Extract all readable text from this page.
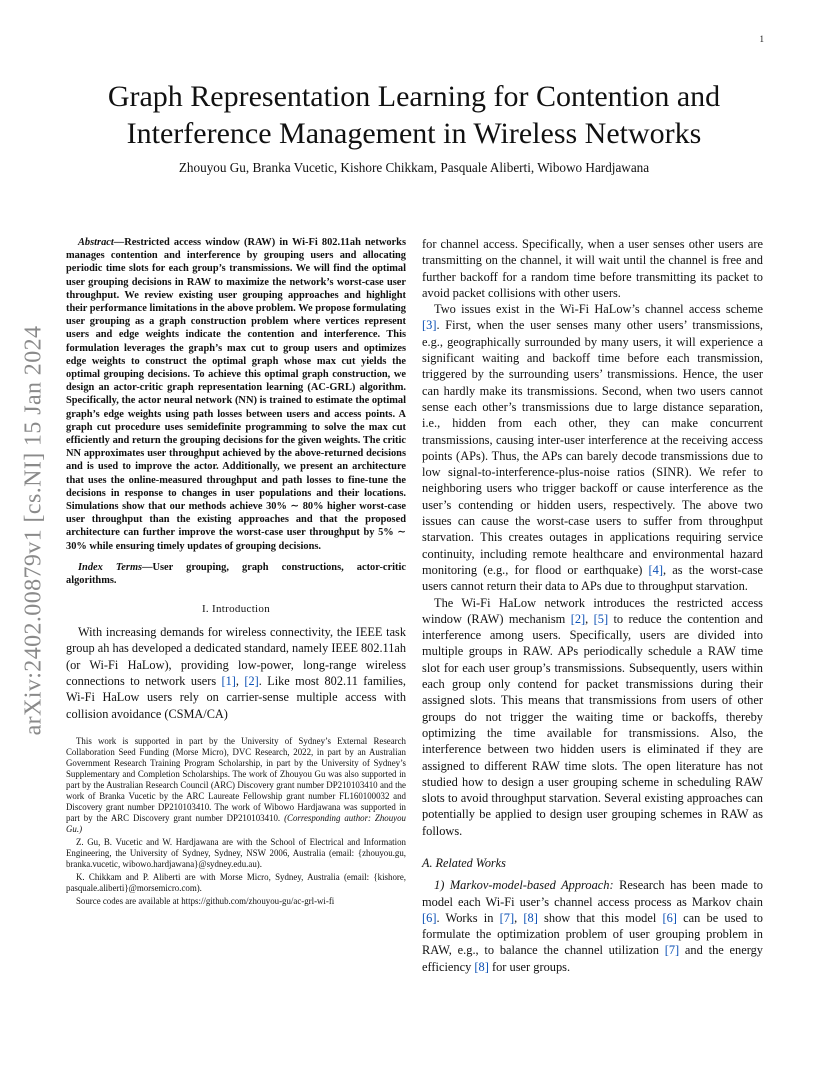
1
arXiv:2402.00879v1 [cs.NI] 15 Jan 2024
Graph Representation Learning for Contention and Interference Management in Wireless Networks

Zhouyou Gu, Branka Vucetic, Kishore Chikkam, Pasquale Aliberti, Wibowo Hardjawana

Abstract—Restricted access window (RAW) in Wi-Fi 802.11ah networks manages contention and interference by grouping users and allocating periodic time slots for each group’s transmissions. We will find the optimal user grouping decisions in RAW to maximize the network’s worst-case user throughput. We review existing user grouping approaches and highlight their performance limitations in the above problem. We propose formulating user grouping as a graph construction problem where vertices represent users and edge weights indicate the contention and interference. This formulation leverages the graph’s max cut to group users and optimizes edge weights to construct the optimal graph whose max cut yields the optimal grouping decisions. To achieve this optimal graph construction, we design an actor-critic graph representation learning (AC-GRL) algorithm. Specifically, the actor neural network (NN) is trained to estimate the optimal graph’s edge weights using path losses between users and access points. A graph cut procedure uses semidefinite programming to solve the max cut efficiently and return the grouping decisions for the given weights. The critic NN approximates user throughput achieved by the above-returned decisions and is used to improve the actor. Additionally, we present an architecture that uses the online-measured throughput and path losses to fine-tune the decisions in response to changes in user populations and their locations. Simulations show that our methods achieve 30% ∼ 80% higher worst-case user throughput than the existing approaches and that the proposed architecture can further improve the worst-case user throughput by 5% ∼ 30% while ensuring timely updates of grouping decisions.

Index Terms—User grouping, graph constructions, actor-critic algorithms.

I. Introduction

With increasing demands for wireless connectivity, the IEEE task group ah has developed a dedicated standard, namely IEEE 802.11ah (or Wi-Fi HaLow), providing low-power, long-range wireless connections to network users [1], [2]. Like most 802.11 families, Wi-Fi HaLow users rely on carrier-sense multiple access with collision avoidance (CSMA/CA)

This work is supported in part by the University of Sydney’s External Research Collaboration Seed Funding (Morse Micro), DVC Research, 2022, in part by an Australian Government Research Training Program Scholarship, in part by the University of Sydney’s Supplementary and Completion Scholarships. The work of Zhouyou Gu was also supported in part by the Australian Research Council (ARC) Discovery grant number DP210103410 and the work of Branka Vucetic by the ARC Laureate Fellowship grant number FL160100032 and Discovery grant number DP210103410. The work of Wibowo Hardjawana was supported in part by the ARC Discovery grant number DP210103410. (Corresponding author: Zhouyou Gu.)

Z. Gu, B. Vucetic and W. Hardjawana are with the School of Electrical and Information Engineering, the University of Sydney, Sydney, NSW 2006, Australia (email: {zhouyou.gu, branka.vucetic, wibowo.hardjawana}@sydney.edu.au).

K. Chikkam and P. Aliberti are with Morse Micro, Sydney, Australia (email: {kishore, pasquale.aliberti}@morsemicro.com).

Source codes are available at https://github.com/zhouyou-gu/ac-grl-wi-fi

for channel access. Specifically, when a user senses other users are transmitting on the channel, it will wait until the channel is free and further backoff for a random time before transmitting its packet to avoid packet collisions with other users.

Two issues exist in the Wi-Fi HaLow’s channel access scheme [3]. First, when the user senses many other users’ transmissions, e.g., geographically surrounded by many users, it will experience a significant waiting and backoff time before each transmission, triggered by the surrounding users’ transmissions. Hence, the user can hardly make its transmissions. Second, when two users cannot sense each other’s transmissions due to large distance separation, i.e., hidden from each other, they can make concurrent transmissions, causing inter-user interference at the receiving access points (APs). Thus, the APs can barely decode transmissions due to low signal-to-interference-plus-noise ratios (SINR). We refer to neighboring users who trigger backoff or cause interference as the user’s contending or hidden users, respectively. The above two issues can cause the worst-case users to suffer from throughput starvation. This creates outages in applications requiring service continuity, including remote healthcare and environmental hazard monitoring (e.g., for flood or earthquake) [4], as the worst-case users cannot return their data to APs due to throughput starvation.

The Wi-Fi HaLow network introduces the restricted access window (RAW) mechanism [2], [5] to reduce the contention and interference among users. Specifically, users are divided into multiple groups in RAW. APs periodically schedule a RAW time slot for each user group’s transmissions. Subsequently, users within each group only contend for packet transmissions during their assigned slots. This means that transmissions from users of other groups do not trigger the waiting time or backoffs, thereby optimizing the time available for transmissions. Also, the interference between two hidden users is eliminated if they are assigned to different RAW time slots. The open literature has not studied how to design a user grouping scheme in scheduling RAW slots to avoid throughput starvation. Several existing approaches can potentially be applied to design user grouping schemes in RAW as follows.

A. Related Works

1) Markov-model-based Approach: Research has been made to model each Wi-Fi user’s channel access process as Markov chain [6]. Works in [7], [8] show that this model [6] can be used to formulate the optimization problem of user grouping problem in RAW, e.g., to balance the channel utilization [7] and the energy efficiency [8] for user groups.
